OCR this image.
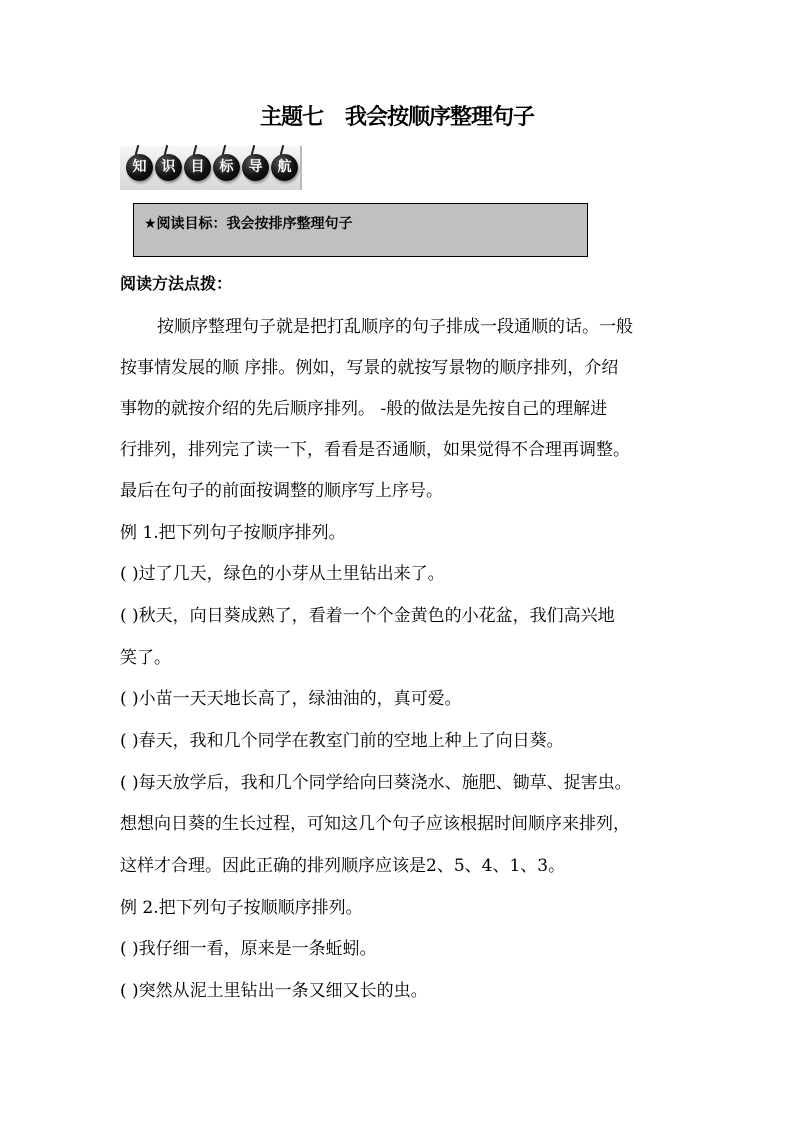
主题七 我会按顺序整理句子
知	识	目	标	导	航
★阅读目标：我会按排序整理句子
阅读方法点拨：
按顺序整理句子就是把打乱顺序的句子排成一段通顺的话。一般
按事情发展的顺 序排。例如，写景的就按写景物的顺序排列，介绍
事物的就按介绍的先后顺序排列。 -般的做法是先按自己的理解进
行排列，排列完了读一下，看看是否通顺，如果觉得不合理再调整。
最后在句子的前面按调整的顺序写上序号。
例 1.把下列句子按顺序排列。
( )过了几天，绿色的小芽从土里钻出来了。
( )秋天，向日葵成熟了，看着一个个金黄色的小花盆，我们高兴地
笑了。
( )小苗一天天地长高了，绿油油的，真可爱。
( )春天，我和几个同学在教室门前的空地上种上了向日葵。
( )每天放学后，我和几个同学给向曰葵浇水、施肥、锄草、捉害虫。
想想向日葵的生长过程，可知这几个句子应该根据时间顺序来排列，
这样才合理。因此正确的排列顺序应该是2、5、4、1、3。
例 2.把下列句子按顺顺序排列。
( )我仔细一看，原来是一条蚯蚓。
( )突然从泥土里钻出一条又细又长的虫。
